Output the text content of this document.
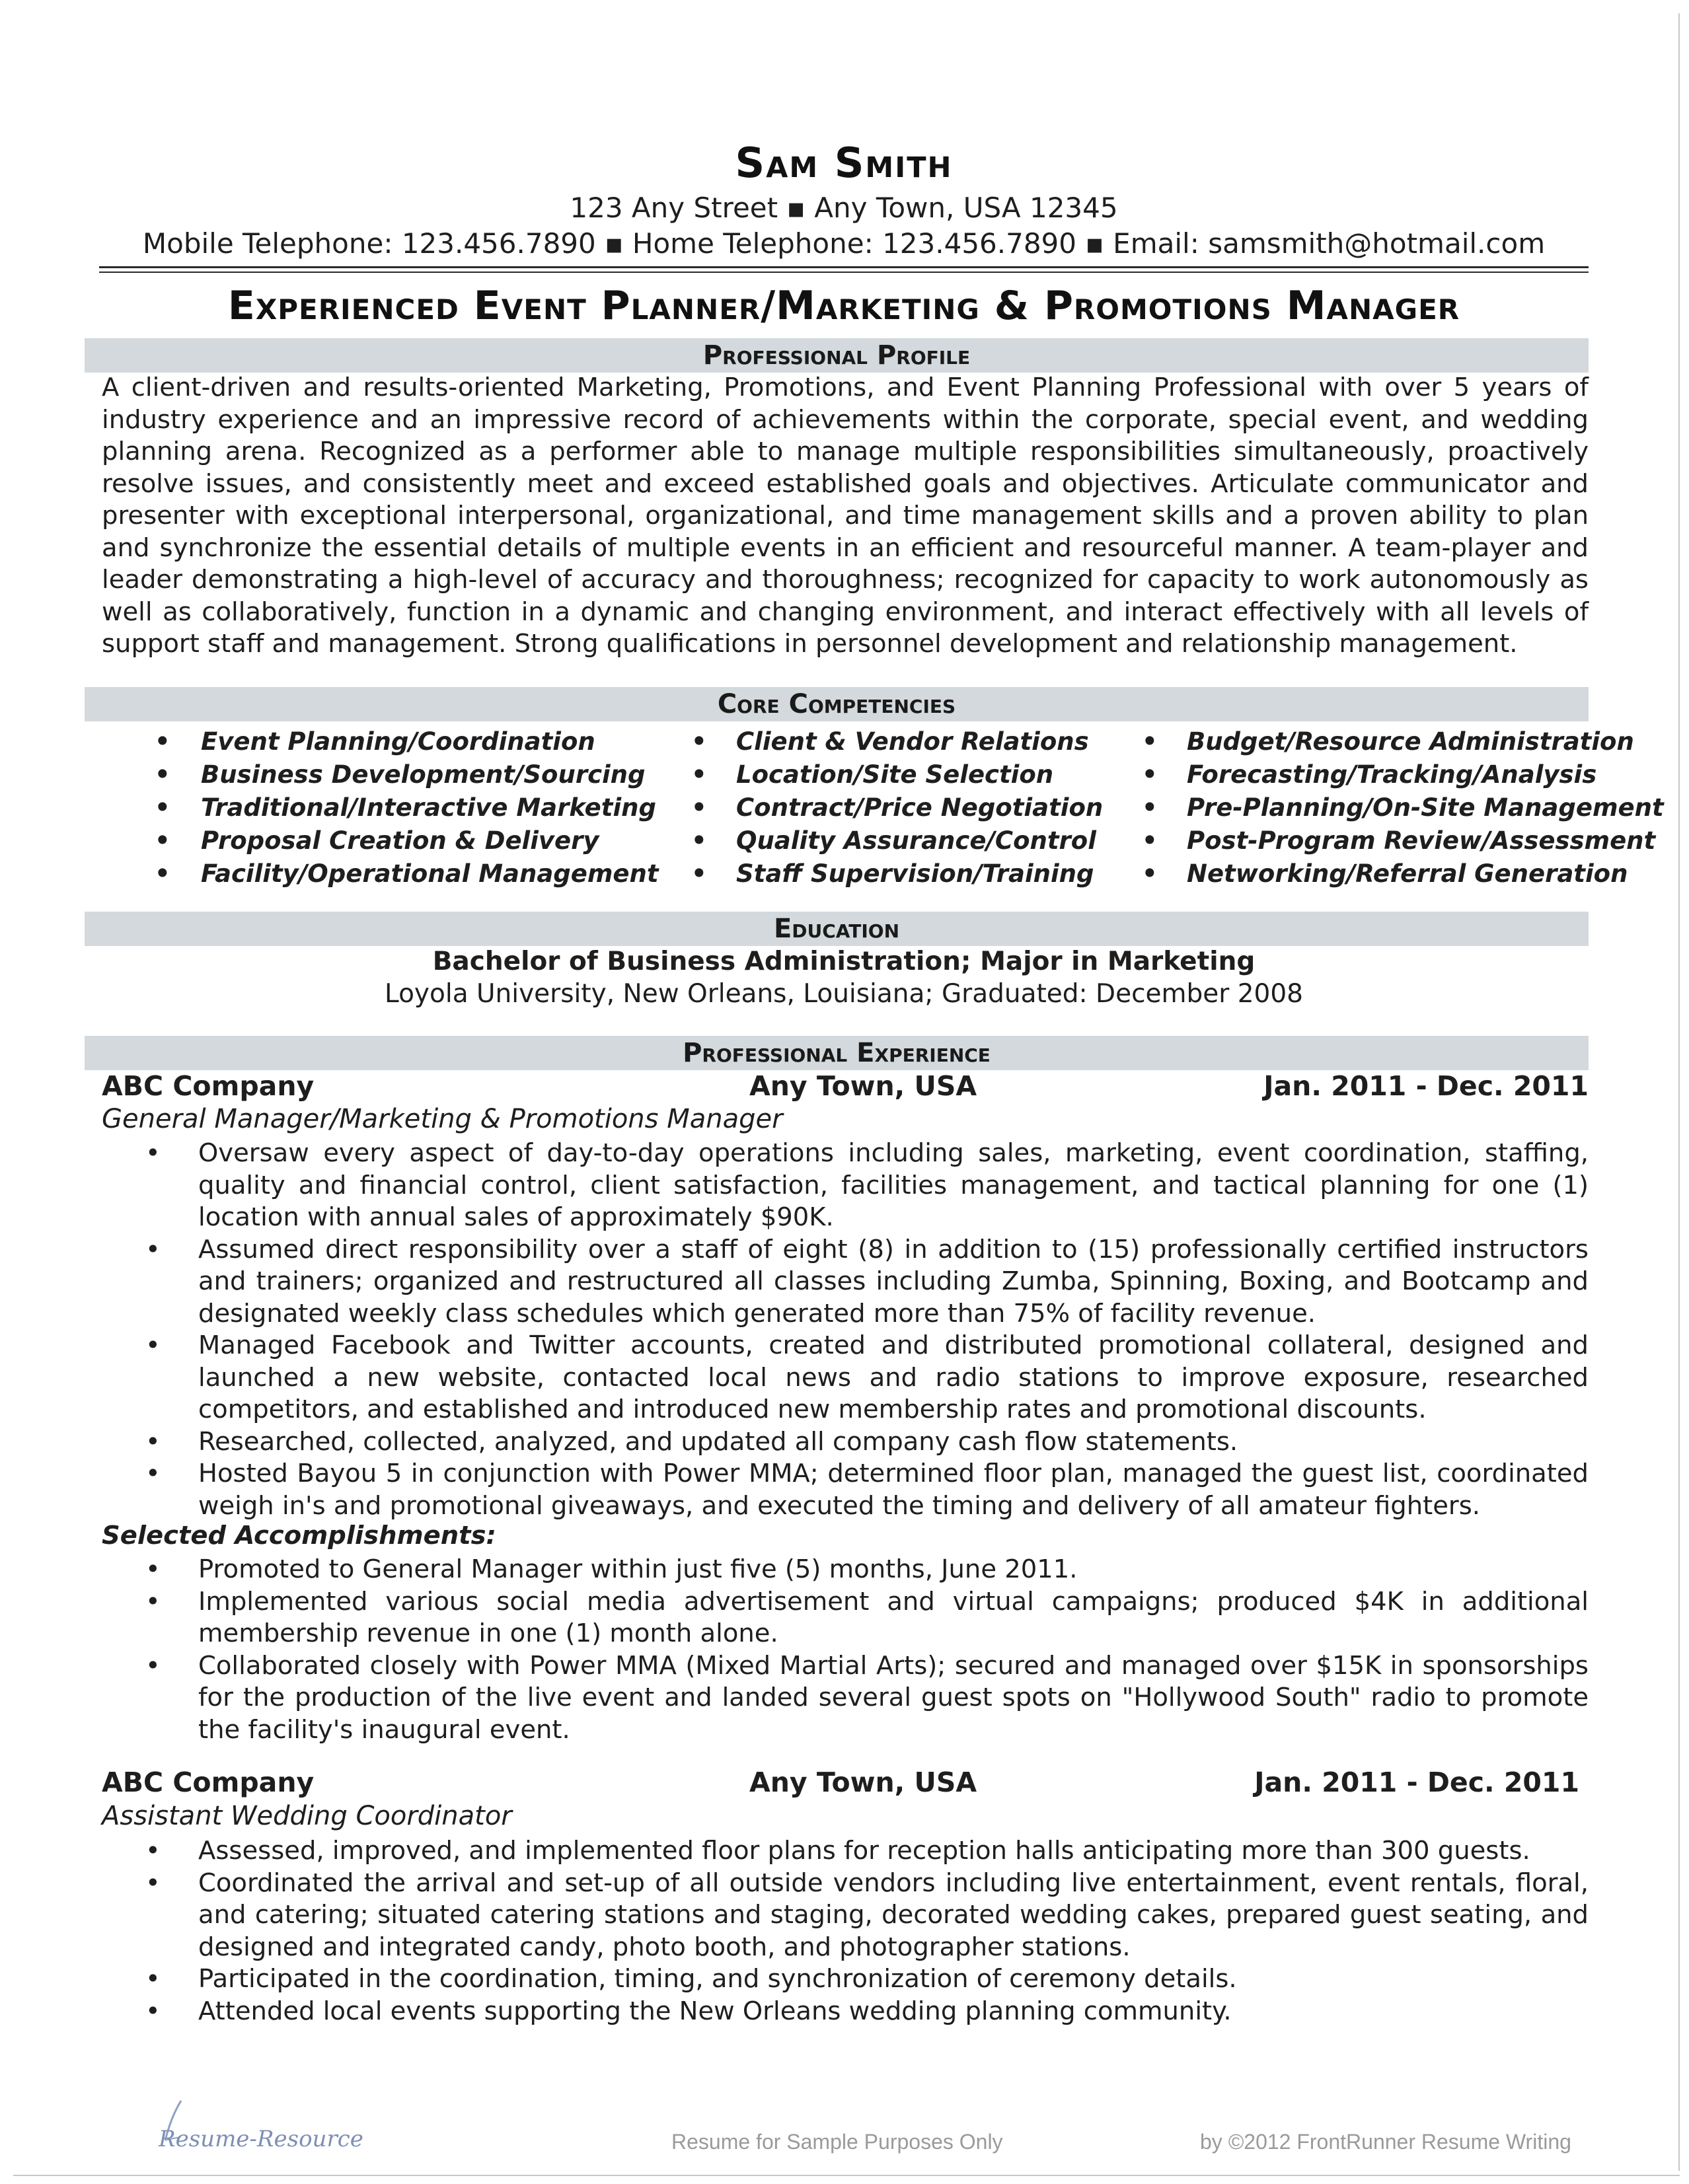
Sam Smith
123 Any Street ▪ Any Town, USA 12345
Mobile Telephone: 123.456.7890 ▪ Home Telephone: 123.456.7890 ▪ Email: samsmith@hotmail.com
Experienced Event Planner/Marketing & Promotions Manager
Professional Profile
A client-driven and results-oriented Marketing, Promotions, and Event Planning Professional with over 5 years of industry experience and an impressive record of achievements within the corporate, special event, and wedding planning arena. Recognized as a performer able to manage multiple responsibilities simultaneously, proactively resolve issues, and consistently meet and exceed established goals and objectives. Articulate communicator and presenter with exceptional interpersonal, organizational, and time management skills and a proven ability to plan and synchronize the essential details of multiple events in an efficient and resourceful manner. A team-player and leader demonstrating a high-level of accuracy and thoroughness; recognized for capacity to work autonomously as well as collaboratively, function in a dynamic and changing environment, and interact effectively with all levels of support staff and management. Strong qualifications in personnel development and relationship management.
Core Competencies
• Event Planning/Coordination
• Business Development/Sourcing
• Traditional/Interactive Marketing
• Proposal Creation & Delivery
• Facility/Operational Management
• Client & Vendor Relations
• Location/Site Selection
• Contract/Price Negotiation
• Quality Assurance/Control
• Staff Supervision/Training
• Budget/Resource Administration
• Forecasting/Tracking/Analysis
• Pre-Planning/On-Site Management
• Post-Program Review/Assessment
• Networking/Referral Generation
Education
Bachelor of Business Administration; Major in Marketing
Loyola University, New Orleans, Louisiana; Graduated: December 2008
Professional Experience
ABC Company	Any Town, USA	Jan. 2011 - Dec. 2011
General Manager/Marketing & Promotions Manager
• Oversaw every aspect of day-to-day operations including sales, marketing, event coordination, staffing, quality and financial control, client satisfaction, facilities management, and tactical planning for one (1) location with annual sales of approximately $90K.
• Assumed direct responsibility over a staff of eight (8) in addition to (15) professionally certified instructors and trainers; organized and restructured all classes including Zumba, Spinning, Boxing, and Bootcamp and designated weekly class schedules which generated more than 75% of facility revenue.
• Managed Facebook and Twitter accounts, created and distributed promotional collateral, designed and launched a new website, contacted local news and radio stations to improve exposure, researched competitors, and established and introduced new membership rates and promotional discounts.
• Researched, collected, analyzed, and updated all company cash flow statements.
• Hosted Bayou 5 in conjunction with Power MMA; determined floor plan, managed the guest list, coordinated weigh in's and promotional giveaways, and executed the timing and delivery of all amateur fighters.
Selected Accomplishments:
• Promoted to General Manager within just five (5) months, June 2011.
• Implemented various social media advertisement and virtual campaigns; produced $4K in additional membership revenue in one (1) month alone.
• Collaborated closely with Power MMA (Mixed Martial Arts); secured and managed over $15K in sponsorships for the production of the live event and landed several guest spots on "Hollywood South" radio to promote the facility's inaugural event.
ABC Company	Any Town, USA	Jan. 2011 - Dec. 2011
Assistant Wedding Coordinator
• Assessed, improved, and implemented floor plans for reception halls anticipating more than 300 guests.
• Coordinated the arrival and set-up of all outside vendors including live entertainment, event rentals, floral, and catering; situated catering stations and staging, decorated wedding cakes, prepared guest seating, and designed and integrated candy, photo booth, and photographer stations.
• Participated in the coordination, timing, and synchronization of ceremony details.
• Attended local events supporting the New Orleans wedding planning community.
Resume-Resource	Resume for Sample Purposes Only	by ©2012 FrontRunner Resume Writing
